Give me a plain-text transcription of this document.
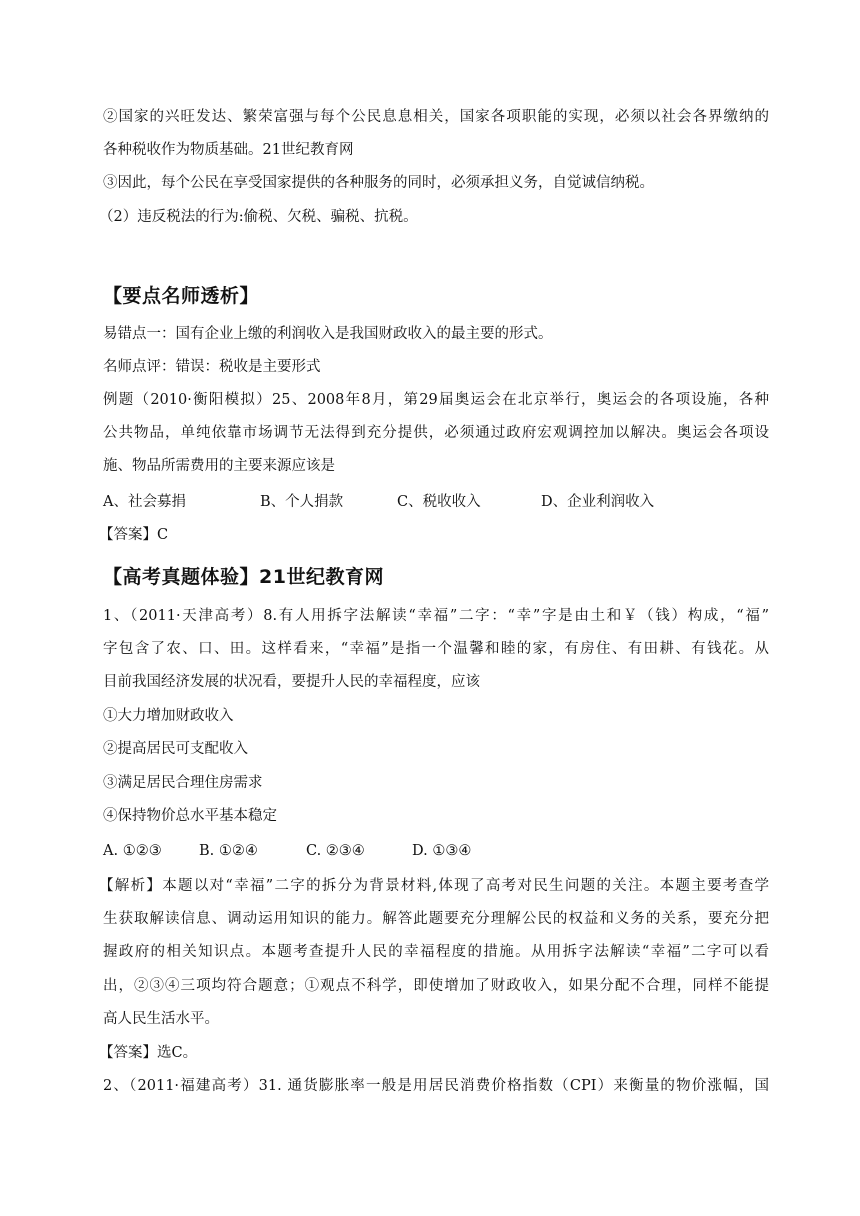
②国家的兴旺发达、繁荣富强与每个公民息息相关，国家各项职能的实现，必须以社会各界缴纳的
各种税收作为物质基础。21世纪教育网
③因此，每个公民在享受国家提供的各种服务的同时，必须承担义务，自觉诚信纳税。
（2）违反税法的行为:偷税、欠税、骗税、抗税。
【要点名师透析】
易错点一：国有企业上缴的利润收入是我国财政收入的最主要的形式。
名师点评：错误：税收是主要形式
例题（2010·衡阳模拟）25、2008年8月，第29届奥运会在北京举行，奥运会的各项设施，各种
公共物品，单纯依靠市场调节无法得到充分提供，必须通过政府宏观调控加以解决。奥运会各项设
施、物品所需费用的主要来源应该是
A、社会募捐	B、个人捐款	C、税收收入	D、企业利润收入
【答案】C
【高考真题体验】21世纪教育网
1、（2011·天津高考）8.有人用拆字法解读“幸福”二字：“幸”字是由土和￥（钱）构成，“福”
字包含了农、口、田。这样看来，“幸福”是指一个温馨和睦的家，有房住、有田耕、有钱花。从
目前我国经济发展的状况看，要提升人民的幸福程度，应该
①大力增加财政收入
②提高居民可支配收入
③满足居民合理住房需求
④保持物价总水平基本稳定
A. ①②③	B. ①②④	C. ②③④	D. ①③④
【解析】本题以对“幸福”二字的拆分为背景材料,体现了高考对民生问题的关注。本题主要考查学
生获取解读信息、调动运用知识的能力。解答此题要充分理解公民的权益和义务的关系，要充分把
握政府的相关知识点。本题考查提升人民的幸福程度的措施。从用拆字法解读“幸福”二字可以看
出，②③④三项均符合题意；①观点不科学，即使增加了财政收入，如果分配不合理，同样不能提
高人民生活水平。
【答案】选C。
2、（2011·福建高考）31. 通货膨胀率一般是用居民消费价格指数（CPI）来衡量的物价涨幅，国
